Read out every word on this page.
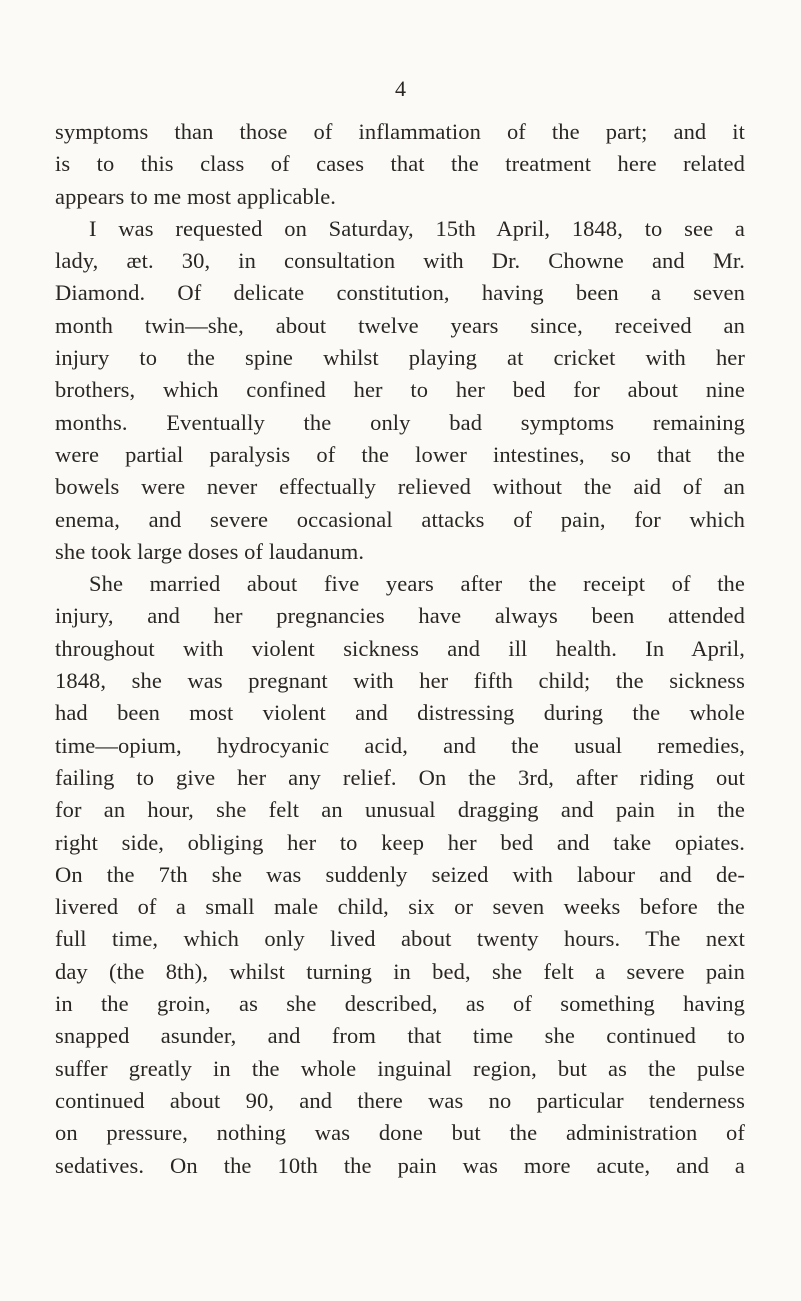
4
symptoms than those of inflammation of the part; and it
is to this class of cases that the treatment here related
appears to me most applicable.
I was requested on Saturday, 15th April, 1848, to see a
lady, æt. 30, in consultation with Dr. Chowne and Mr.
Diamond. Of delicate constitution, having been a seven
month twin—she, about twelve years since, received an
injury to the spine whilst playing at cricket with her
brothers, which confined her to her bed for about nine
months. Eventually the only bad symptoms remaining
were partial paralysis of the lower intestines, so that the
bowels were never effectually relieved without the aid of an
enema, and severe occasional attacks of pain, for which
she took large doses of laudanum.
She married about five years after the receipt of the
injury, and her pregnancies have always been attended
throughout with violent sickness and ill health. In April,
1848, she was pregnant with her fifth child; the sickness
had been most violent and distressing during the whole
time—opium, hydrocyanic acid, and the usual remedies,
failing to give her any relief. On the 3rd, after riding out
for an hour, she felt an unusual dragging and pain in the
right side, obliging her to keep her bed and take opiates.
On the 7th she was suddenly seized with labour and de-
livered of a small male child, six or seven weeks before the
full time, which only lived about twenty hours. The next
day (the 8th), whilst turning in bed, she felt a severe pain
in the groin, as she described, as of something having
snapped asunder, and from that time she continued to
suffer greatly in the whole inguinal region, but as the pulse
continued about 90, and there was no particular tenderness
on pressure, nothing was done but the administration of
sedatives. On the 10th the pain was more acute, and a
